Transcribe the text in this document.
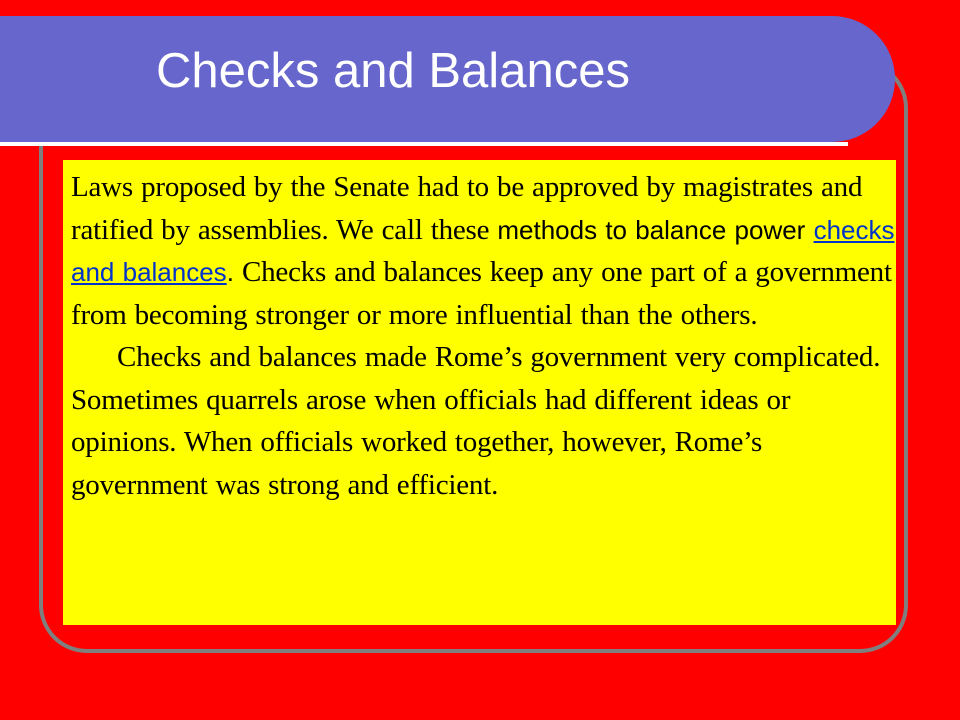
Checks and Balances

Laws proposed by the Senate had to be approved by magistrates and ratified by assemblies. We call these methods to balance power checks and balances. Checks and balances keep any one part of a government from becoming stronger or more influential than the others.

Checks and balances made Rome’s government very complicated. Sometimes quarrels arose when officials had different ideas or opinions. When officials worked together, however, Rome’s government was strong and efficient.
